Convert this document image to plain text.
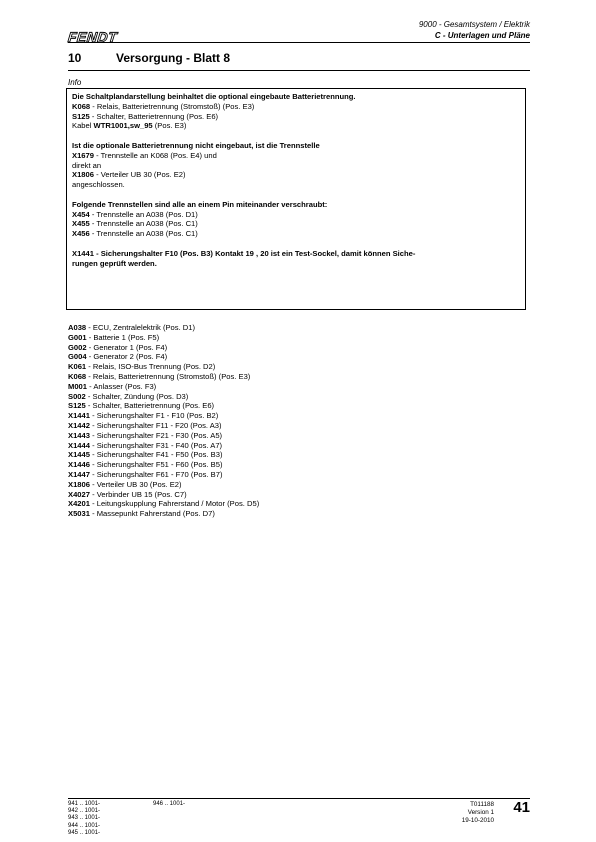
FENDT
9000 - Gesamtsystem / Elektrik
C - Unterlagen und Pläne
10	Versorgung - Blatt 8
Info

Die Schaltplandarstellung beinhaltet die optional eingebaute Batterietrennung.

K068 - Relais, Batterietrennung (Stromstoß) (Pos. E3)

S125 - Schalter, Batterietrennung (Pos. E6)

Kabel WTR1001,sw_95 (Pos. E3)

Ist die optionale Batterietrennung nicht eingebaut, ist die Trennstelle

X1679 - Trennstelle an K068 (Pos. E4) und

direkt an

X1806 - Verteiler UB 30 (Pos. E2)

angeschlossen.

Folgende Trennstellen sind alle an einem Pin miteinander verschraubt:

X454 - Trennstelle an A038 (Pos. D1)

X455 - Trennstelle an A038 (Pos. C1)

X456 - Trennstelle an A038 (Pos. C1)

X1441 - Sicherungshalter F10 (Pos. B3) Kontakt 19 , 20 ist ein Test-Sockel, damit können Siche-

rungen geprüft werden.

A038 - ECU, Zentralelektrik (Pos. D1)
G001 - Batterie 1 (Pos. F5)
G002 - Generator 1 (Pos. F4)
G004 - Generator 2 (Pos. F4)
K061 - Relais, ISO-Bus Trennung (Pos. D2)
K068 - Relais, Batterietrennung (Stromstoß) (Pos. E3)
M001 - Anlasser (Pos. F3)
S002 - Schalter, Zündung (Pos. D3)
S125 - Schalter, Batterietrennung (Pos. E6)
X1441 - Sicherungshalter F1 - F10 (Pos. B2)
X1442 - Sicherungshalter F11 - F20 (Pos. A3)
X1443 - Sicherungshalter F21 - F30 (Pos. A5)
X1444 - Sicherungshalter F31 - F40 (Pos. A7)
X1445 - Sicherungshalter F41 - F50 (Pos. B3)
X1446 - Sicherungshalter F51 - F60 (Pos. B5)
X1447 - Sicherungshalter F61 - F70 (Pos. B7)
X1806 - Verteiler UB 30 (Pos. E2)
X4027 - Verbinder UB 15 (Pos. C7)
X4201 - Leitungskupplung Fahrerstand / Motor (Pos. D5)
X5031 - Massepunkt Fahrerstand (Pos. D7)
941 .. 1001-
942 .. 1001-
943 .. 1001-
944 .. 1001-
945 .. 1001-
946 .. 1001-	T011188
Version 1
19-10-2010
41
